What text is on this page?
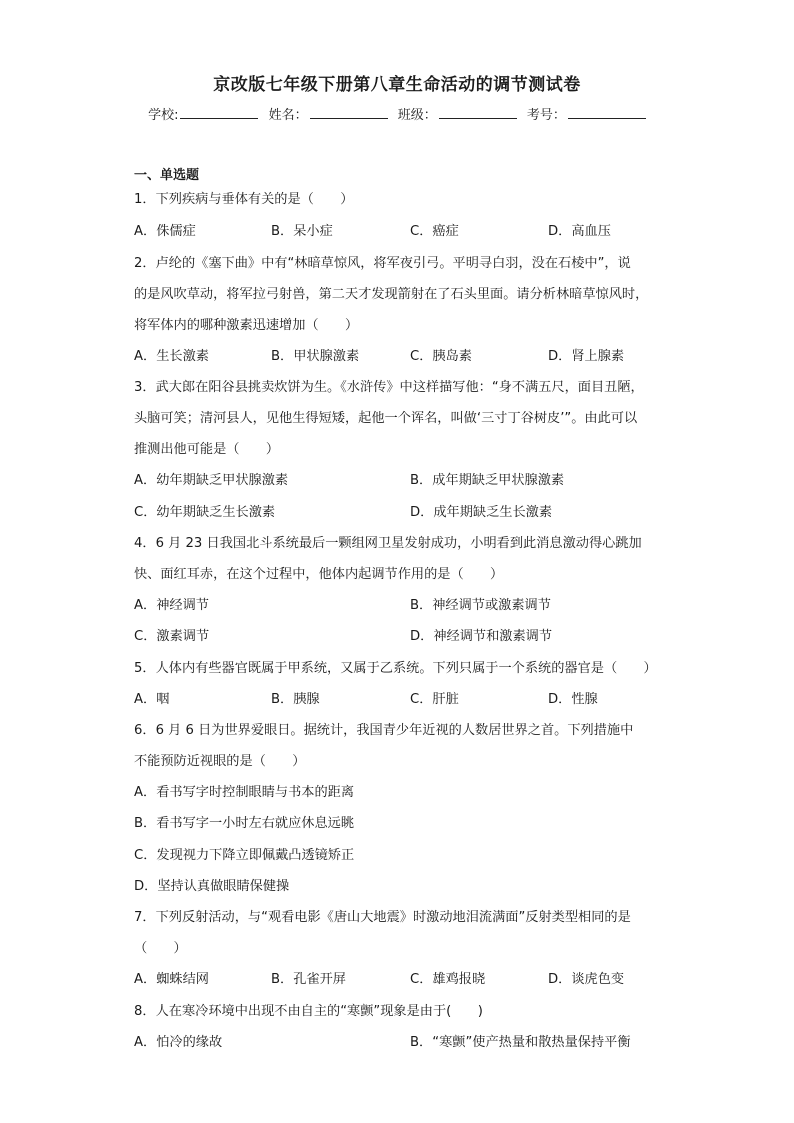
京改版七年级下册第八章生命活动的调节测试卷
学校:	姓名：	班级：	考号：
一、单选题
1．下列疾病与垂体有关的是（　　）
A．侏儒症	B．呆小症	C．癌症	D．高血压
2．卢纶的《塞下曲》中有“林暗草惊风，将军夜引弓。平明寻白羽，没在石棱中”，说
的是风吹草动，将军拉弓射兽，第二天才发现箭射在了石头里面。请分析林暗草惊风时，
将军体内的哪种激素迅速增加（　　）
A．生长激素	B．甲状腺激素	C．胰岛素	D．肾上腺素
3．武大郎在阳谷县挑卖炊饼为生。《水浒传》中这样描写他：“身不满五尺，面目丑陋，
头脑可笑；清河县人，见他生得短矮，起他一个诨名，叫做‘三寸丁谷树皮’”。由此可以
推测出他可能是（　　）
A．幼年期缺乏甲状腺激素	B．成年期缺乏甲状腺激素
C．幼年期缺乏生长激素	D．成年期缺乏生长激素
4．6 月 23 日我国北斗系统最后一颗组网卫星发射成功，小明看到此消息激动得心跳加
快、面红耳赤，在这个过程中，他体内起调节作用的是（　　）
A．神经调节	B．神经调节或激素调节
C．激素调节	D．神经调节和激素调节
5．人体内有些器官既属于甲系统，又属于乙系统。下列只属于一个系统的器官是（　　）
A．咽	B．胰腺	C．肝脏	D．性腺
6．6 月 6 日为世界爱眼日。据统计，我国青少年近视的人数居世界之首。下列措施中
不能预防近视眼的是（　　）
A．看书写字时控制眼睛与书本的距离
B．看书写字一小时左右就应休息远眺
C．发现视力下降立即佩戴凸透镜矫正
D．坚持认真做眼睛保健操
7．下列反射活动，与“观看电影《唐山大地震》时激动地泪流满面”反射类型相同的是
（　　）
A．蜘蛛结网	B．孔雀开屏	C．雄鸡报晓	D．谈虎色变
8．人在寒冷环境中出现不由自主的“寒颤”现象是由于(　　)
A．怕冷的缘故	B．“寒颤”使产热量和散热量保持平衡
